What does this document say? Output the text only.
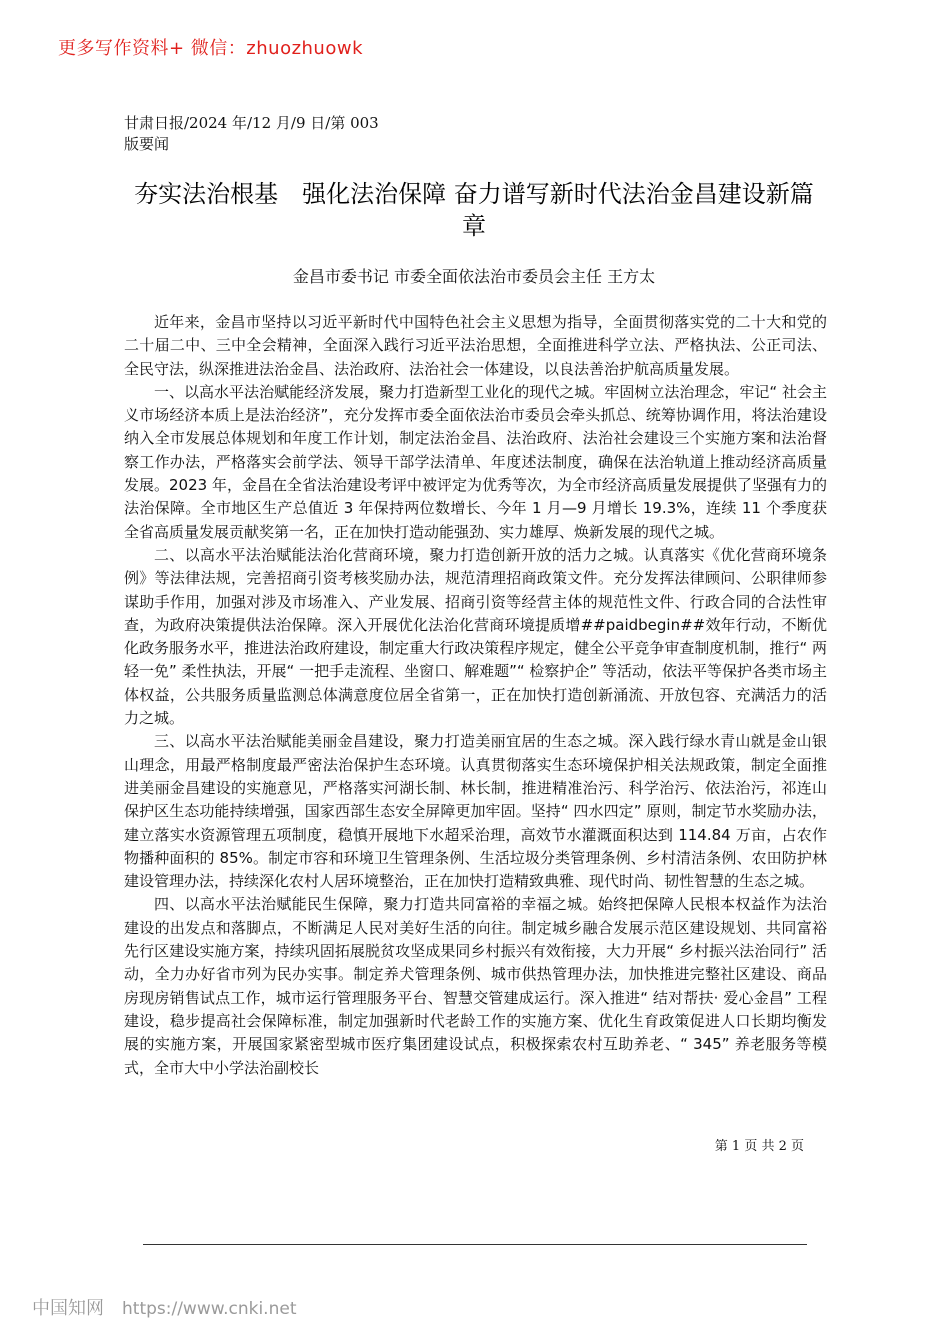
更多写作资料+ 微信：zhuozhuowk
甘肃日报/2024 年/12 月/9 日/第 003
版要闻
夯实法治根基　强化法治保障 奋力谱写新时代法治金昌建设新篇章
金昌市委书记 市委全面依法治市委员会主任 王方太

近年来，金昌市坚持以习近平新时代中国特色社会主义思想为指导，全面贯彻落实党的二十大和党的二十届二中、三中全会精神，全面深入践行习近平法治思想，全面推进科学立法、严格执法、公正司法、全民守法，纵深推进法治金昌、法治政府、法治社会一体建设，以良法善治护航高质量发展。

一、以高水平法治赋能经济发展，聚力打造新型工业化的现代之城。牢固树立法治理念，牢记“ 社会主义市场经济本质上是法治经济”，充分发挥市委全面依法治市委员会牵头抓总、统筹协调作用，将法治建设纳入全市发展总体规划和年度工作计划，制定法治金昌、法治政府、法治社会建设三个实施方案和法治督察工作办法，严格落实会前学法、领导干部学法清单、年度述法制度，确保在法治轨道上推动经济高质量发展。2023 年，金昌在全省法治建设考评中被评定为优秀等次，为全市经济高质量发展提供了坚强有力的法治保障。全市地区生产总值近 3 年保持两位数增长、今年 1 月—9 月增长 19.3%，连续 11 个季度获全省高质量发展贡献奖第一名，正在加快打造动能强劲、实力雄厚、焕新发展的现代之城。

二、以高水平法治赋能法治化营商环境，聚力打造创新开放的活力之城。认真落实《优化营商环境条例》等法律法规，完善招商引资考核奖励办法，规范清理招商政策文件。充分发挥法律顾问、公职律师参谋助手作用，加强对涉及市场准入、产业发展、招商引资等经营主体的规范性文件、行政合同的合法性审查，为政府决策提供法治保障。深入开展优化法治化营商环境提质增##paidbegin##效年行动，不断优化政务服务水平，推进法治政府建设，制定重大行政决策程序规定，健全公平竞争审查制度机制，推行“ 两轻一免” 柔性执法，开展“ 一把手走流程、坐窗口、解难题”“ 检察护企” 等活动，依法平等保护各类市场主体权益，公共服务质量监测总体满意度位居全省第一，正在加快打造创新涌流、开放包容、充满活力的活力之城。

三、以高水平法治赋能美丽金昌建设，聚力打造美丽宜居的生态之城。深入践行绿水青山就是金山银山理念，用最严格制度最严密法治保护生态环境。认真贯彻落实生态环境保护相关法规政策，制定全面推进美丽金昌建设的实施意见，严格落实河湖长制、林长制，推进精准治污、科学治污、依法治污，祁连山保护区生态功能持续增强，国家西部生态安全屏障更加牢固。坚持“ 四水四定” 原则，制定节水奖励办法，建立落实水资源管理五项制度，稳慎开展地下水超采治理，高效节水灌溉面积达到 114.84 万亩，占农作物播种面积的 85%。制定市容和环境卫生管理条例、生活垃圾分类管理条例、乡村清洁条例、农田防护林建设管理办法，持续深化农村人居环境整治，正在加快打造精致典雅、现代时尚、韧性智慧的生态之城。

四、以高水平法治赋能民生保障，聚力打造共同富裕的幸福之城。始终把保障人民根本权益作为法治建设的出发点和落脚点，不断满足人民对美好生活的向往。制定城乡融合发展示范区建设规划、共同富裕先行区建设实施方案，持续巩固拓展脱贫攻坚成果同乡村振兴有效衔接，大力开展“ 乡村振兴法治同行” 活动，全力办好省市列为民办实事。制定养犬管理条例、城市供热管理办法，加快推进完整社区建设、商品房现房销售试点工作，城市运行管理服务平台、智慧交管建成运行。深入推进“ 结对帮扶· 爱心金昌” 工程建设，稳步提高社会保障标准，制定加强新时代老龄工作的实施方案、优化生育政策促进人口长期均衡发展的实施方案，开展国家紧密型城市医疗集团建设试点，积极探索农村互助养老、“ 345” 养老服务等模式，全市大中小学法治副校长

第 1 页 共 2 页
中国知网 https://www.cnki.net
